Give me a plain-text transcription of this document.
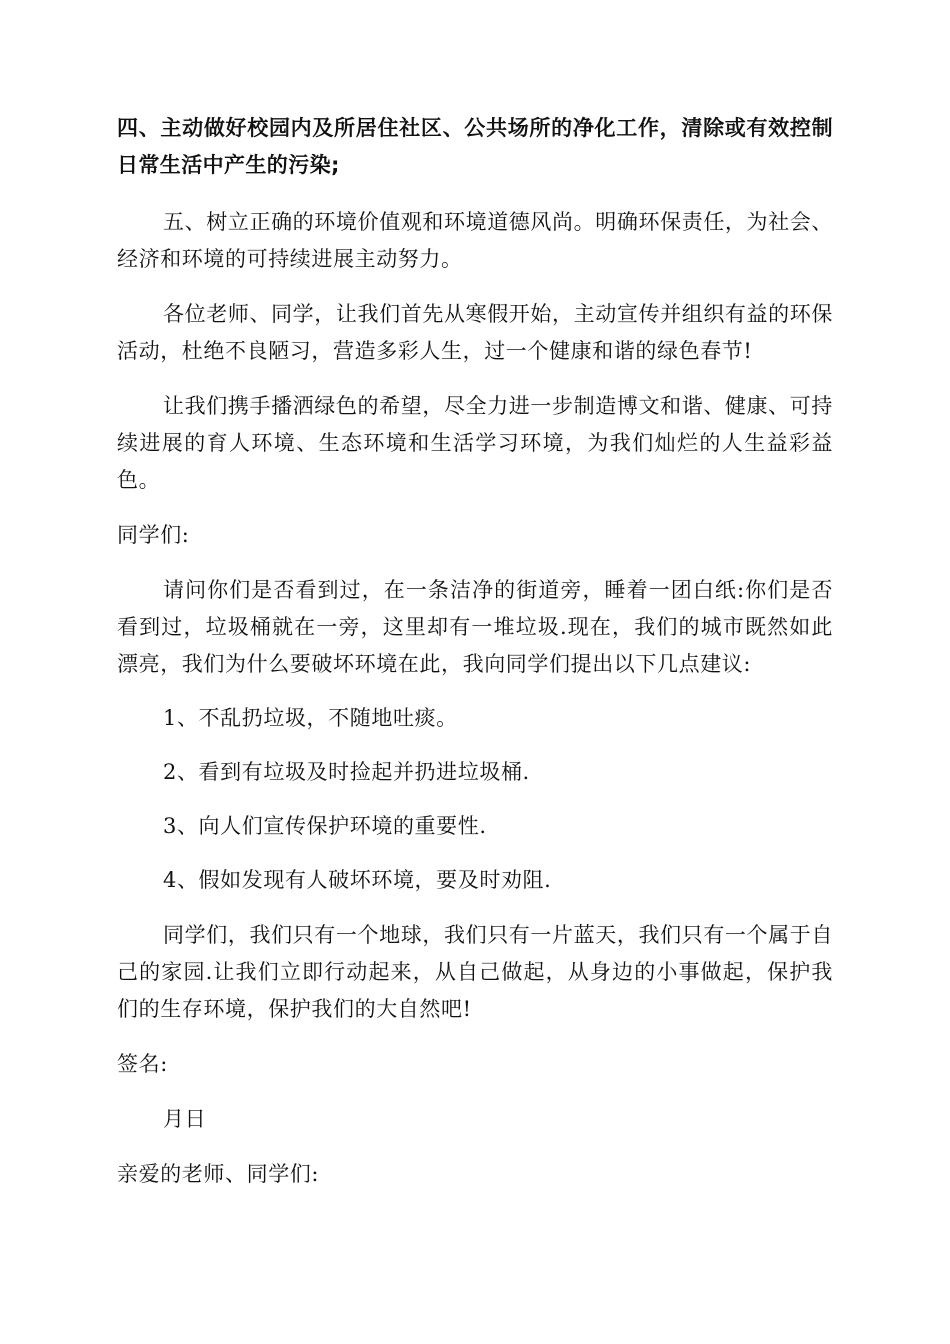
四、主动做好校园内及所居住社区、公共场所的净化工作，清除或有效控制日常生活中产生的污染;

五、树立正确的环境价值观和环境道德风尚。明确环保责任，为社会、经济和环境的可持续进展主动努力。

各位老师、同学，让我们首先从寒假开始，主动宣传并组织有益的环保活动，杜绝不良陋习，营造多彩人生，过一个健康和谐的绿色春节!

让我们携手播洒绿色的希望，尽全力进一步制造博文和谐、健康、可持续进展的育人环境、生态环境和生活学习环境，为我们灿烂的人生益彩益色。

同学们:

请问你们是否看到过，在一条洁净的街道旁，睡着一团白纸:你们是否看到过，垃圾桶就在一旁，这里却有一堆垃圾.现在，我们的城市既然如此漂亮，我们为什么要破坏环境在此，我向同学们提出以下几点建议:

1、不乱扔垃圾，不随地吐痰。

2、看到有垃圾及时捡起并扔进垃圾桶.

3、向人们宣传保护环境的重要性.

4、假如发现有人破坏环境，要及时劝阻.

同学们，我们只有一个地球，我们只有一片蓝天，我们只有一个属于自己的家园.让我们立即行动起来，从自己做起，从身边的小事做起，保护我们的生存环境，保护我们的大自然吧!

签名:

月日

亲爱的老师、同学们:
